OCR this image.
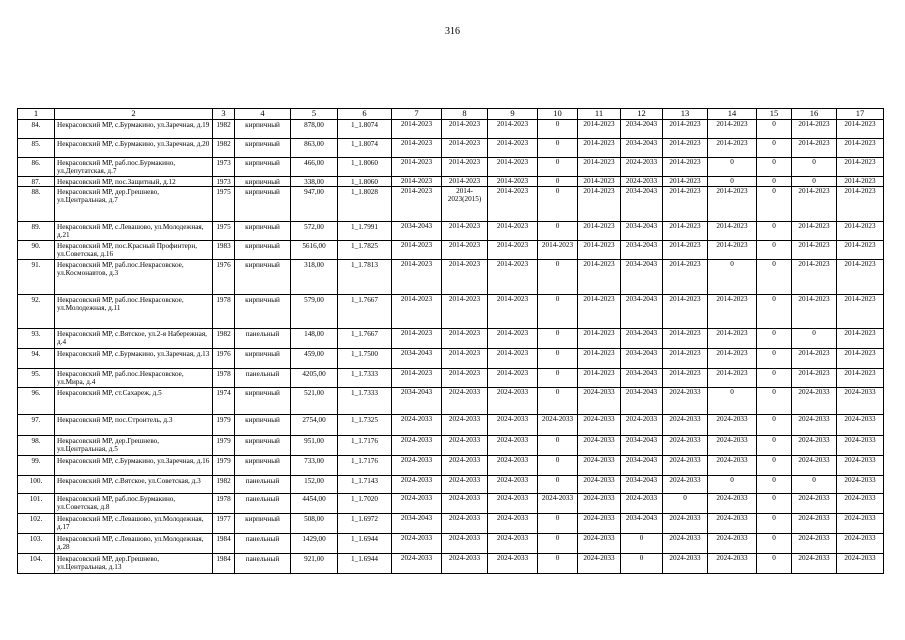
316
1	2	3	4	5	6	7	8	9	10	11	12	13	14	15	16	17
84.	Некрасовский МР, с.Бурмакино, ул.Заречная, д.19	1982	кирпичный	878,00	1_1.8074	2014-2023	2014-2023	2014-2023	0	2014-2023	2034-2043	2014-2023	2014-2023	0	2014-2023	2014-2023
85.	Некрасовский МР, с.Бурмакино, ул.Заречная, д.20	1982	кирпичный	863,00	1_1.8074	2014-2023	2014-2023	2014-2023	0	2014-2023	2034-2043	2014-2023	2014-2023	0	2014-2023	2014-2023
86.	Некрасовский МР, раб.пос.Бурмакино, ул.Депутатская, д.7	1973	кирпичный	466,00	1_1.8060	2014-2023	2014-2023	2014-2023	0	2014-2023	2024-2033	2014-2023	0	0	0	2014-2023
87.	Некрасовский МР, пос.Защитный, д.12	1973	кирпичный	338,00	1_1.8060	2014-2023	2014-2023	2014-2023	0	2014-2023	2024-2033	2014-2023	0	0	0	2014-2023
88.	Некрасовский МР, дер.Грешнево, ул.Центральная, д.7	1975	кирпичный	947,00	1_1.8028	2014-2023	2014-​2023(2015)	2014-2023	0	2014-2023	2034-2043	2014-2023	2014-2023	0	2014-2023	2014-2023
89.	Некрасовский МР, с.Левашово, ул.Молодежная, д.21	1975	кирпичный	572,00	1_1.7991	2034-2043	2014-2023	2014-2023	0	2014-2023	2034-2043	2014-2023	2014-2023	0	2014-2023	2014-2023
90.	Некрасовский МР, пос.Красный Профинтерн, ул.Советская, д.16	1983	кирпичный	5616,00	1_1.7825	2014-2023	2014-2023	2014-2023	2014-2023	2014-2023	2034-2043	2014-2023	2014-2023	0	2014-2023	2014-2023
91.	Некрасовский МР, раб.пос.Некрасовское, ул.Космонавтов, д.3	1976	кирпичный	318,00	1_1.7813	2014-2023	2014-2023	2014-2023	0	2014-2023	2034-2043	2014-2023	0	0	2014-2023	2014-2023
92.	Некрасовский МР, раб.пос.Некрасовское, ул.Молодежная, д.11	1978	кирпичный	579,00	1_1.7667	2014-2023	2014-2023	2014-2023	0	2014-2023	2034-2043	2014-2023	2014-2023	0	2014-2023	2014-2023
93.	Некрасовский МР, с.Вятское, ул.2-я Набережная, д.4	1982	панельный	148,00	1_1.7667	2014-2023	2014-2023	2014-2023	0	2014-2023	2034-2043	2014-2023	2014-2023	0	0	2014-2023
94.	Некрасовский МР, с.Бурмакино, ул.Заречная, д.13	1976	кирпичный	459,00	1_1.7500	2034-2043	2014-2023	2014-2023	0	2014-2023	2034-2043	2014-2023	2014-2023	0	2014-2023	2014-2023
95.	Некрасовский МР, раб.пос.Некрасовское, ул.Мира, д.4	1978	панельный	4205,00	1_1.7333	2014-2023	2014-2023	2014-2023	0	2014-2023	2034-2043	2014-2023	2014-2023	0	2014-2023	2014-2023
96.	Некрасовский МР, ст.Сахареж, д.5	1974	кирпичный	521,00	1_1.7333	2034-2043	2024-2033	2024-2033	0	2024-2033	2034-2043	2024-2033	0	0	2024-2033	2024-2033
97.	Некрасовский МР, пос.Строитель, д.3	1979	кирпичный	2754,00	1_1.7325	2024-2033	2024-2033	2024-2033	2024-2033	2024-2033	2024-2033	2024-2033	2024-2033	0	2024-2033	2024-2033
98.	Некрасовский МР, дер.Грешнево, ул.Центральная, д.5	1979	кирпичный	951,00	1_1.7176	2024-2033	2024-2033	2024-2033	0	2024-2033	2034-2043	2024-2033	2024-2033	0	2024-2033	2024-2033
99.	Некрасовский МР, с.Бурмакино, ул.Заречная, д.16	1979	кирпичный	733,00	1_1.7176	2024-2033	2024-2033	2024-2033	0	2024-2033	2034-2043	2024-2033	2024-2033	0	2024-2033	2024-2033
100.	Некрасовский МР, с.Вятское, ул.Советская, д.3	1982	панельный	152,00	1_1.7143	2024-2033	2024-2033	2024-2033	0	2024-2033	2034-2043	2024-2033	0	0	0	2024-2033
101.	Некрасовский МР, раб.пос.Бурмакино, ул.Советская, д.8	1978	панельный	4454,00	1_1.7020	2024-2033	2024-2033	2024-2033	2024-2033	2024-2033	2024-2033	0	2024-2033	0	2024-2033	2024-2033
102.	Некрасовский МР, с.Левашово, ул.Молодежная, д.17	1977	кирпичный	508,00	1_1.6972	2034-2043	2024-2033	2024-2033	0	2024-2033	2034-2043	2024-2033	2024-2033	0	2024-2033	2024-2033
103.	Некрасовский МР, с.Левашово, ул.Молодежная, д.28	1984	панельный	1429,00	1_1.6944	2024-2033	2024-2033	2024-2033	0	2024-2033	0	2024-2033	2024-2033	0	2024-2033	2024-2033
104.	Некрасовский МР, дер.Грешнево, ул.Центральная, д.13	1984	панельный	921,00	1_1.6944	2024-2033	2024-2033	2024-2033	0	2024-2033	0	2024-2033	2024-2033	0	2024-2033	2024-2033
